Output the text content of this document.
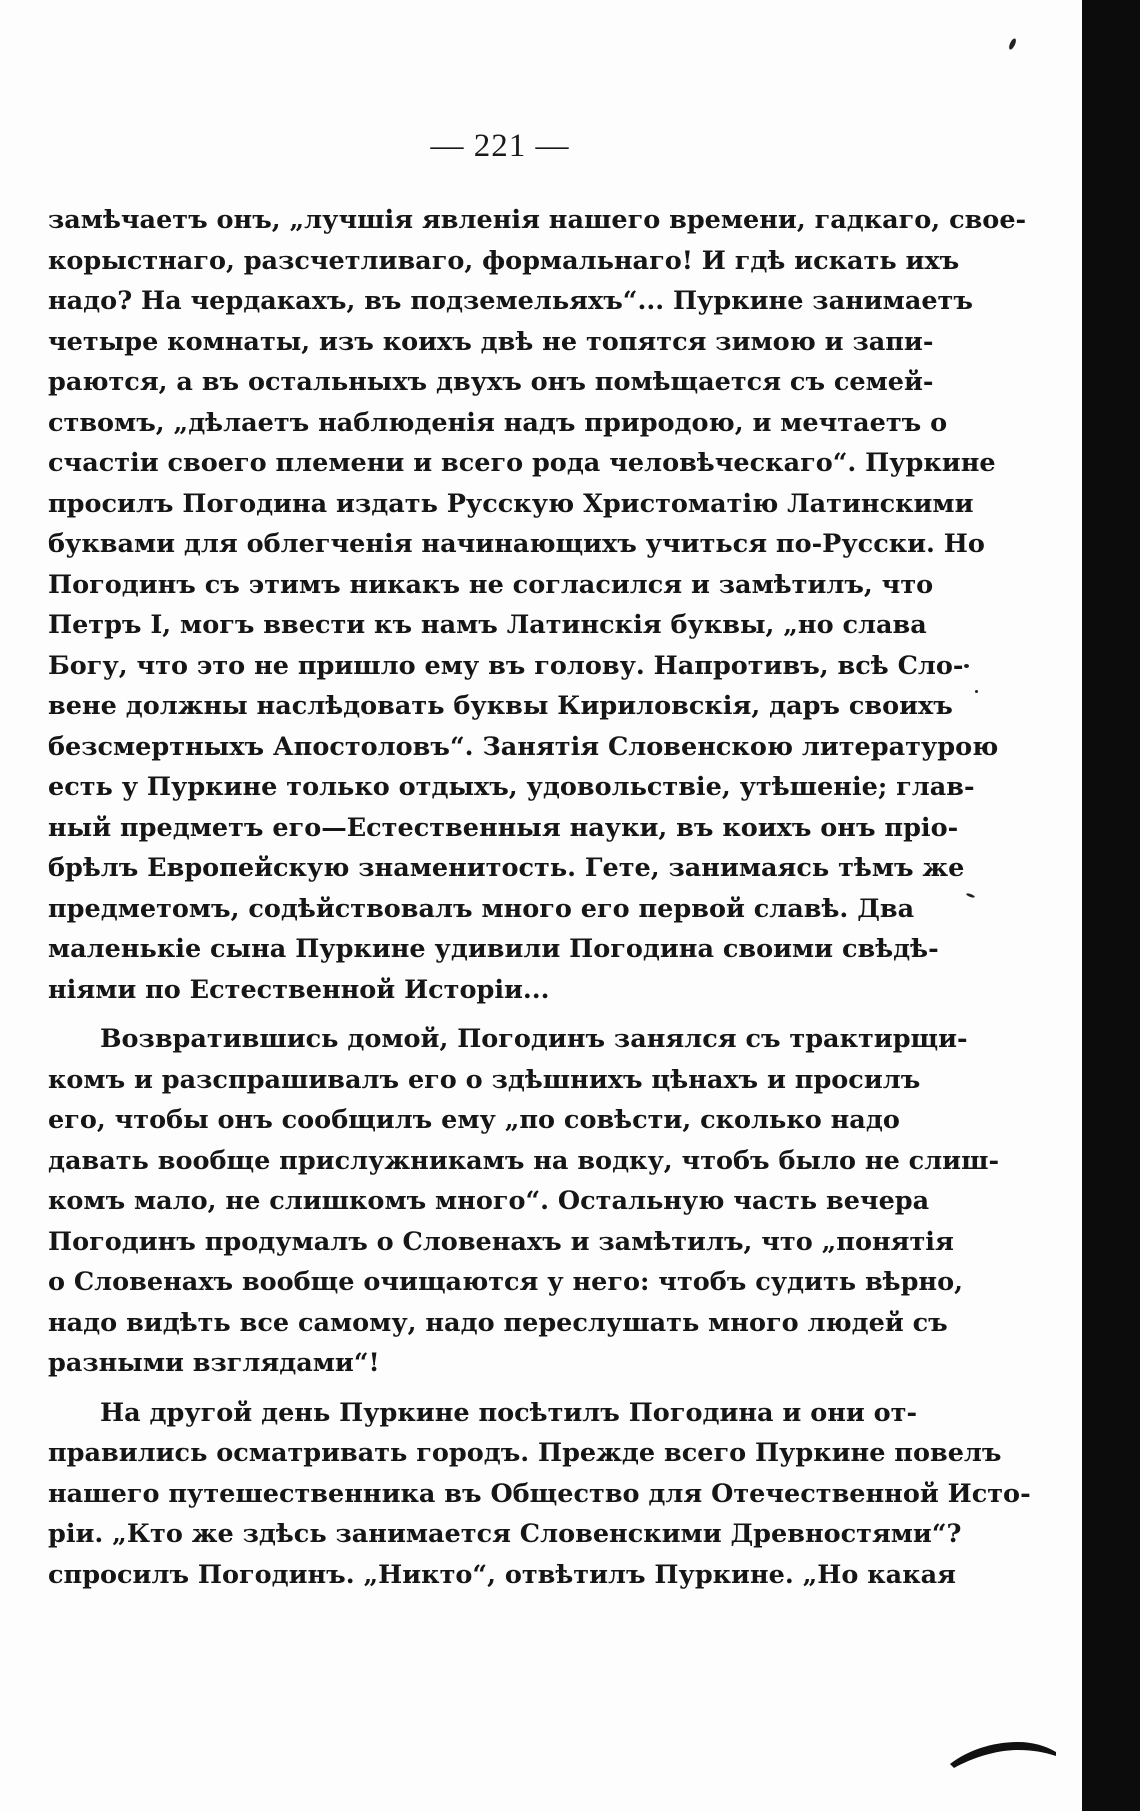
— 221 —
замѣчаетъ онъ, „лучшія явленія нашего времени, гадкаго, свое-
корыстнаго, разсчетливаго, формальнаго! И гдѣ искать ихъ
надо? На чердакахъ, въ подземельяхъ“... Пуркине занимаетъ
четыре комнаты, изъ коихъ двѣ не топятся зимою и запи-
раются, а въ остальныхъ двухъ онъ помѣщается съ семей-
ствомъ, „дѣлаетъ наблюденія надъ природою, и мечтаетъ о
счастіи своего племени и всего рода человѣческаго“. Пуркине
просилъ Погодина издать Русскую Христоматію Латинскими
буквами для облегченія начинающихъ учиться по-Русски. Но
Погодинъ съ этимъ никакъ не согласился и замѣтилъ, что
Петръ I, могъ ввести къ намъ Латинскія буквы, „но слава
Богу, что это не пришло ему въ голову. Напротивъ, всѣ Сло-
вене должны наслѣдовать буквы Кириловскія, даръ своихъ
безсмертныхъ Апостоловъ“. Занятія Словенскою литературою
есть у Пуркине только отдыхъ, удовольствіе, утѣшеніе; глав-
ный предметъ его—Естественныя науки, въ коихъ онъ пріо-
брѣлъ Европейскую знаменитость. Гете, занимаясь тѣмъ же
предметомъ, содѣйствовалъ много его первой славѣ. Два
маленькіе сына Пуркине удивили Погодина своими свѣдѣ-
ніями по Естественной Исторіи...
Возвратившись домой, Погодинъ занялся съ трактирщи-
комъ и разспрашивалъ его о здѣшнихъ цѣнахъ и просилъ
его, чтобы онъ сообщилъ ему „по совѣсти, сколько надо
давать вообще прислужникамъ на водку, чтобъ было не слиш-
комъ мало, не слишкомъ много“. Остальную часть вечера
Погодинъ продумалъ о Словенахъ и замѣтилъ, что „понятія
о Словенахъ вообще очищаются у него: чтобъ судить вѣрно,
надо видѣть все самому, надо переслушать много людей съ
разными взглядами“!
На другой день Пуркине посѣтилъ Погодина и они от-
правились осматривать городъ. Прежде всего Пуркине повелъ
нашего путешественника въ Общество для Отечественной Исто-
ріи. „Кто же здѣсь занимается Словенскими Древностями“?
спросилъ Погодинъ. „Никто“, отвѣтилъ Пуркине. „Но какая
